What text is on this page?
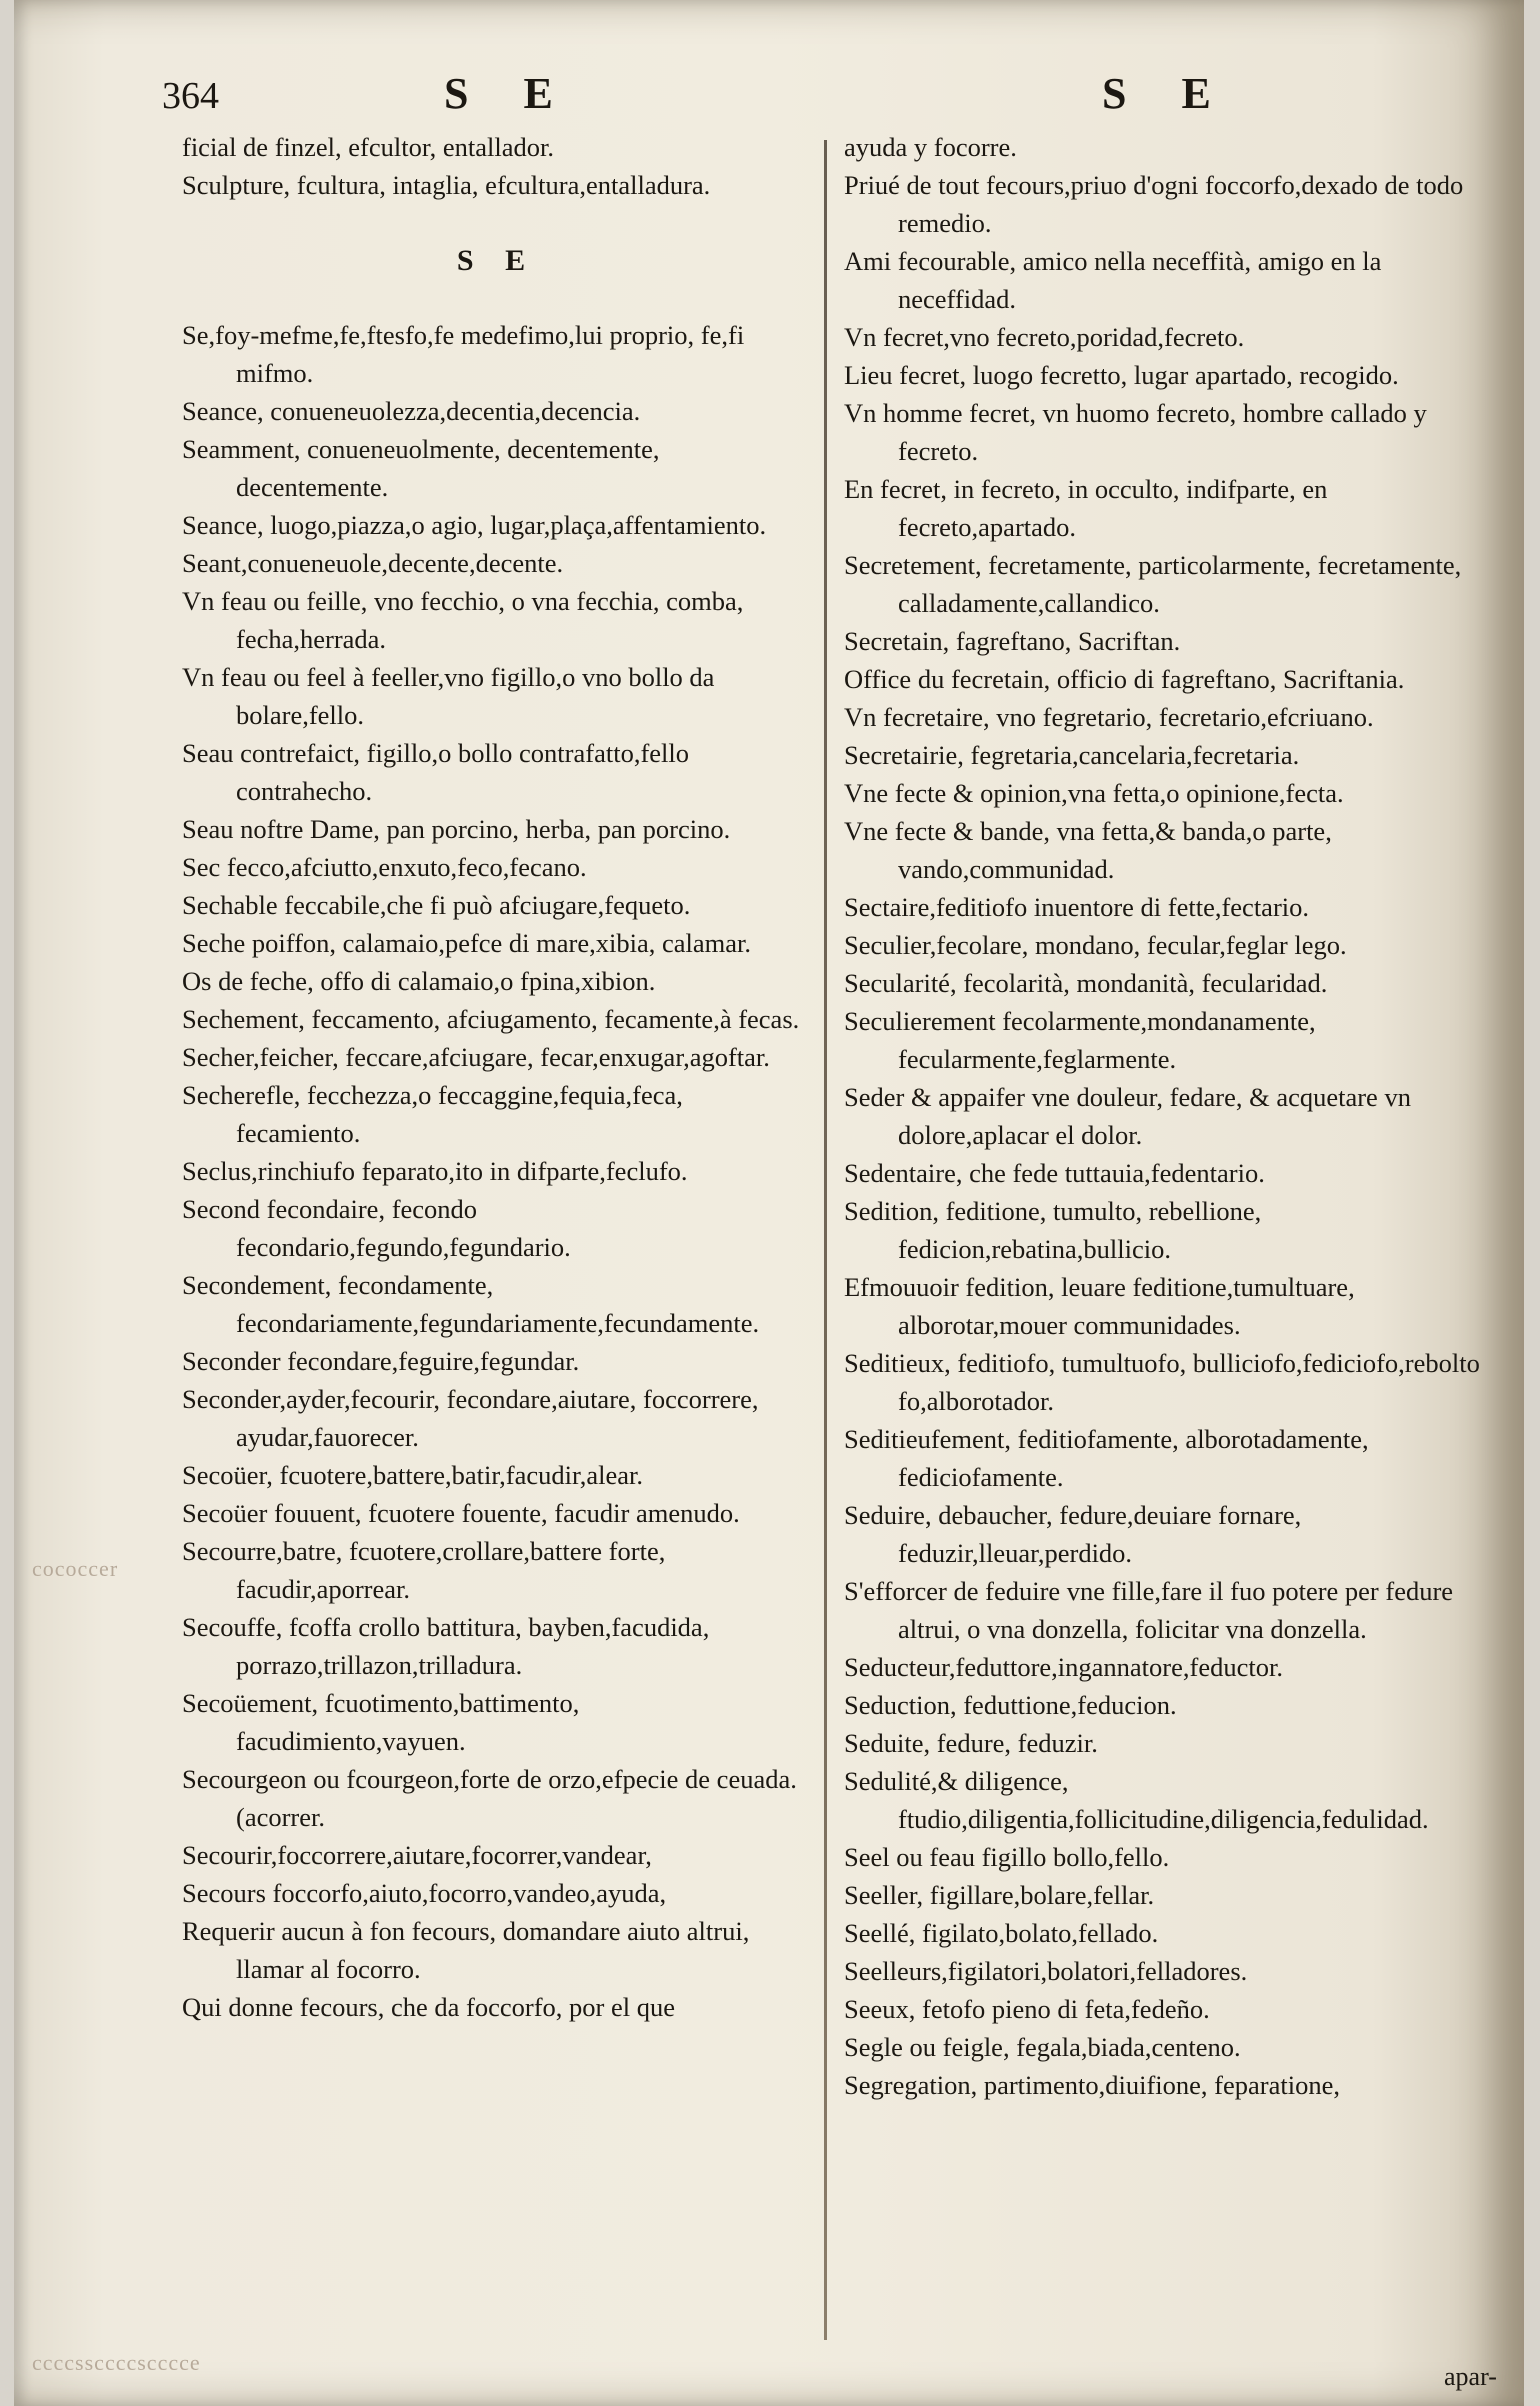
364	S E	S E

ficial de finzel, efcultor, entallador.

Sculpture, fcultura, intaglia, efcultura,entalladura.

S E

Se,foy-mefme,fe,ftesfo,fe medefimo,lui proprio, fe,fi mifmo.

Seance, conueneuolezza,decentia,decencia.

Seamment, conueneuolmente, decentemente, decentemente.

Seance, luogo,piazza,o agio, lugar,plaça,affentamiento.

Seant,conueneuole,decente,decente.

Vn feau ou feille, vno fecchio, o vna fecchia, comba, fecha,herrada.

Vn feau ou feel à feeller,vno figillo,o vno bollo da bolare,fello.

Seau contrefaict, figillo,o bollo contrafatto,fello contrahecho.

Seau noftre Dame, pan porcino, herba, pan porcino.

Sec fecco,afciutto,enxuto,feco,fecano.

Sechable feccabile,che fi può afciugare,fequeto.

Seche poiffon, calamaio,pefce di mare,xibia, calamar.

Os de feche, offo di calamaio,o fpina,xibion.

Sechement, feccamento, afciugamento, fecamente,à fecas.

Secher,feicher, feccare,afciugare, fecar,enxugar,agoftar.

Secherefle, fecchezza,o feccaggine,fequia,feca, fecamiento.

Seclus,rinchiufo feparato,ito in difparte,feclufo.

Second fecondaire, fecondo fecondario,fegundo,fegundario.

Secondement, fecondamente, fecondariamente,fegundariamente,fecundamente.

Seconder fecondare,feguire,fegundar.

Seconder,ayder,fecourir, fecondare,aiutare, foccorrere, ayudar,fauorecer.

Secoüer, fcuotere,battere,batir,facudir,alear.

Secoüer fouuent, fcuotere fouente, facudir amenudo.

Secourre,batre, fcuotere,crollare,battere forte, facudir,aporrear.

Secouffe, fcoffa crollo battitura, bayben,facudida, porrazo,trillazon,trilladura.

Secoüement, fcuotimento,battimento, facudimiento,vayuen.

Secourgeon ou fcourgeon,forte de orzo,efpecie de ceuada. (acorrer.

Secourir,foccorrere,aiutare,focorrer,vandear,

Secours foccorfo,aiuto,focorro,vandeo,ayuda,

Requerir aucun à fon fecours, domandare aiuto altrui, llamar al focorro.

Qui donne fecours, che da foccorfo, por el que

ayuda y focorre.

Priué de tout fecours,priuo d'ogni foccorfo,dexado de todo remedio.

Ami fecourable, amico nella neceffità, amigo en la neceffidad.

Vn fecret,vno fecreto,poridad,fecreto.

Lieu fecret, luogo fecretto, lugar apartado, recogido.

Vn homme fecret, vn huomo fecreto, hombre callado y fecreto.

En fecret, in fecreto, in occulto, indifparte, en fecreto,apartado.

Secretement, fecretamente, particolarmente, fecretamente, calladamente,callandico.

Secretain, fagreftano, Sacriftan.

Office du fecretain, officio di fagreftano, Sacriftania.

Vn fecretaire, vno fegretario, fecretario,efcriuano.

Secretairie, fegretaria,cancelaria,fecretaria.

Vne fecte & opinion,vna fetta,o opinione,fecta.

Vne fecte & bande, vna fetta,& banda,o parte, vando,communidad.

Sectaire,feditiofo inuentore di fette,fectario.

Seculier,fecolare, mondano, fecular,feglar lego.

Secularité, fecolarità, mondanità, fecularidad.

Seculierement fecolarmente,mondanamente, fecularmente,feglarmente.

Seder & appaifer vne douleur, fedare, & acquetare vn dolore,aplacar el dolor.

Sedentaire, che fede tuttauia,fedentario.

Sedition, feditione, tumulto, rebellione, fedicion,rebatina,bullicio.

Efmouuoir fedition, leuare feditione,tumultuare, alborotar,mouer communidades.

Seditieux, feditiofo, tumultuofo, bulliciofo,fediciofo,rebolto fo,alborotador.

Seditieufement, feditiofamente, alborotadamente, fediciofamente.

Seduire, debaucher, fedure,deuiare fornare, feduzir,lleuar,perdido.

S'efforcer de feduire vne fille,fare il fuo potere per fedure altrui, o vna donzella, folicitar vna donzella.

Seducteur,feduttore,ingannatore,feductor.

Seduction, feduttione,feducion.

Seduite, fedure, feduzir.

Sedulité,& diligence, ftudio,diligentia,follicitudine,diligencia,fedulidad.

Seel ou feau figillo bollo,fello.

Seeller, figillare,bolare,fellar.

Seellé, figilato,bolato,fellado.

Seelleurs,figilatori,bolatori,felladores.

Seeux, fetofo pieno di feta,fedeño.

Segle ou feigle, fegala,biada,centeno.

Segregation, partimento,diuifione, feparatione,

apar-
cococcer
ccccssccccscccce
